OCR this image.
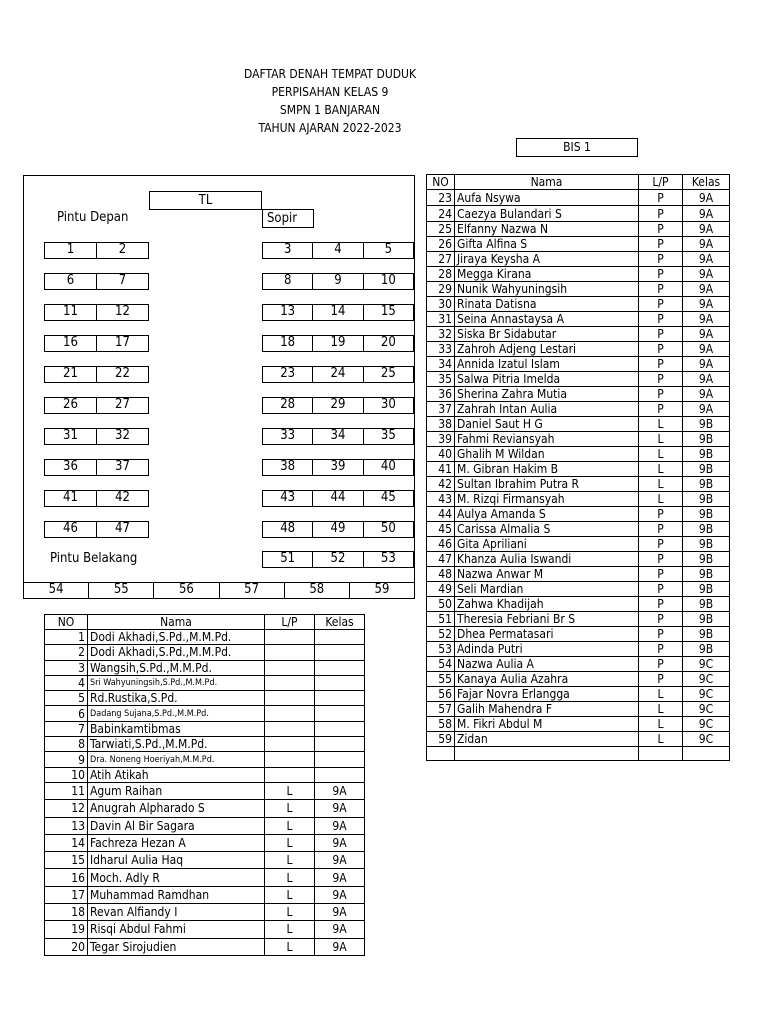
DAFTAR DENAH TEMPAT DUDUK
PERPISAHAN KELAS 9
SMPN 1 BANJARAN
TAHUN AJARAN 2022-2023
BIS 1
TL
Sopir
Pintu Depan
Pintu Belakang
1	2
6	7
11	12
16	17
21	22
26	27
31	32
36	37
41	42
46	47
3	4	5
8	9	10
13	14	15
18	19	20
23	24	25
28	29	30
33	34	35
38	39	40
43	44	45
48	49	50
51	52	53
54	55	56	57	58	59
NO	Nama	L/P	Kelas
1	Dodi Akhadi,S.Pd.,M.M.Pd.		
2	Dodi Akhadi,S.Pd.,M.M.Pd.		
3	Wangsih,S.Pd.,M.M.Pd.		
4	Sri Wahyuningsih,S.Pd.,M.M.Pd.		
5	Rd.Rustika,S.Pd.		
6	Dadang Sujana,S.Pd.,M.M.Pd.		
7	Babinkamtibmas		
8	Tarwiati,S.Pd.,M.M.Pd.		
9	Dra. Noneng Hoeriyah,M.M.Pd.		
10	Atih Atikah		
11	Agum Raihan	L	9A
12	Anugrah Alpharado S	L	9A
13	Davin Al Bir Sagara	L	9A
14	Fachreza Hezan A	L	9A
15	Idharul Aulia Haq	L	9A
16	Moch. Adly R	L	9A
17	Muhammad Ramdhan	L	9A
18	Revan Alfiandy I	L	9A
19	Risqi Abdul Fahmi	L	9A
20	Tegar Sirojudien	L	9A
NO	Nama	L/P	Kelas
23	Aufa Nsywa	P	9A
24	Caezya Bulandari S	P	9A
25	Elfanny Nazwa N	P	9A
26	Gifta Alfina S	P	9A
27	Jiraya Keysha A	P	9A
28	Megga Kirana	P	9A
29	Nunik Wahyuningsih	P	9A
30	Rinata Datisna	P	9A
31	Seina Annastaysa A	P	9A
32	Siska Br Sidabutar	P	9A
33	Zahroh Adjeng Lestari	P	9A
34	Annida Izatul Islam	P	9A
35	Salwa Pitria Imelda	P	9A
36	Sherina Zahra Mutia	P	9A
37	Zahrah Intan Aulia	P	9A
38	Daniel Saut H G	L	9B
39	Fahmi Reviansyah	L	9B
40	Ghalih M Wildan	L	9B
41	M. Gibran Hakim B	L	9B
42	Sultan Ibrahim Putra R	L	9B
43	M. Rizqi Firmansyah	L	9B
44	Aulya Amanda S	P	9B
45	Carissa Almalia S	P	9B
46	Gita Apriliani	P	9B
47	Khanza Aulia Iswandi	P	9B
48	Nazwa Anwar M	P	9B
49	Seli Mardian	P	9B
50	Zahwa Khadijah	P	9B
51	Theresia Febriani Br S	P	9B
52	Dhea Permatasari	P	9B
53	Adinda Putri	P	9B
54	Nazwa Aulia A	P	9C
55	Kanaya Aulia Azahra	P	9C
56	Fajar Novra Erlangga	L	9C
57	Galih Mahendra F	L	9C
58	M. Fikri Abdul M	L	9C
59	Zidan	L	9C
